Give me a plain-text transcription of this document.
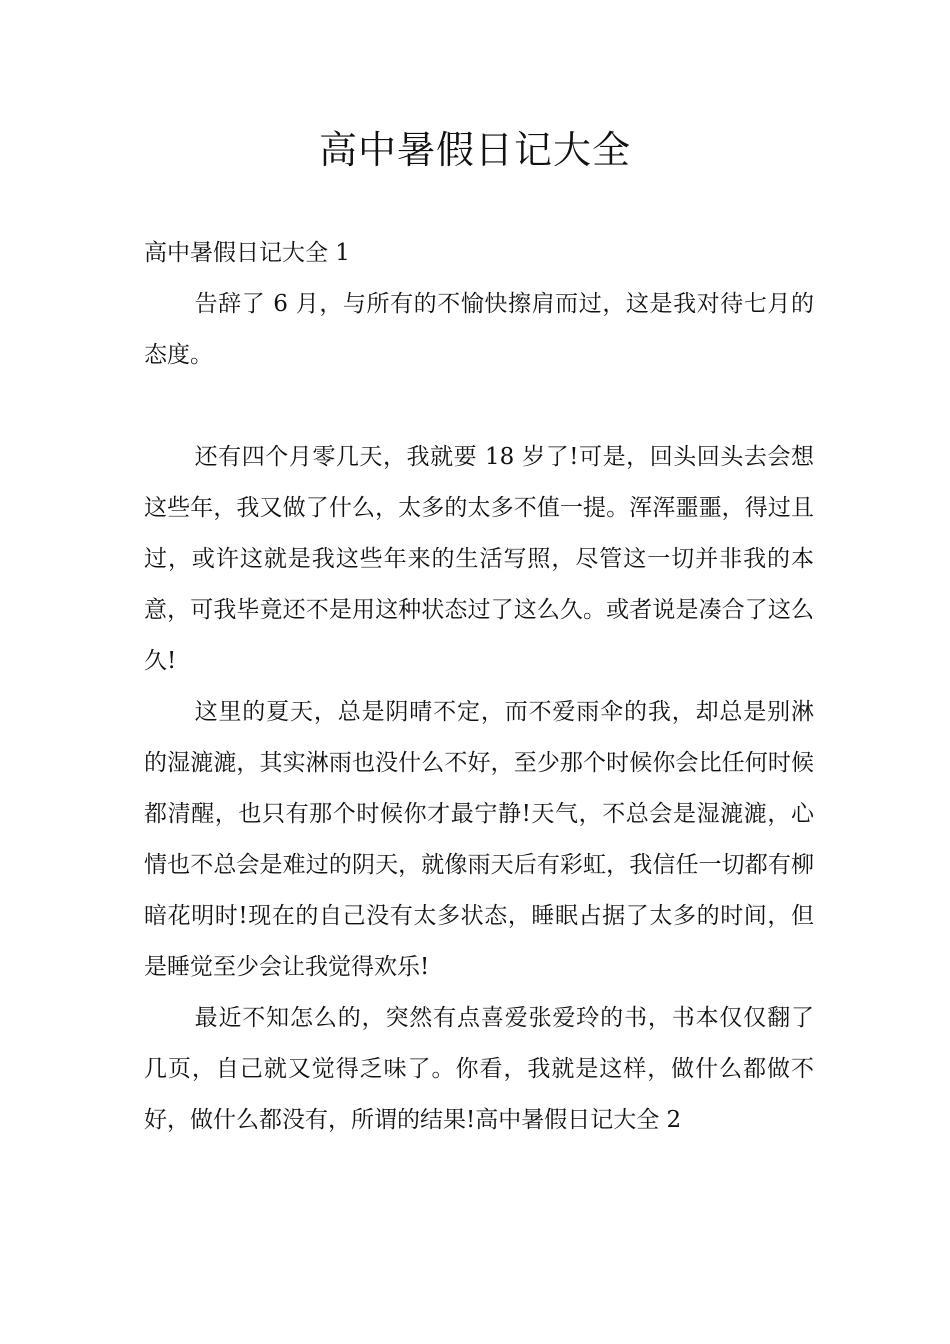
高中暑假日记大全

高中暑假日记大全 1

告辞了 6 月，与所有的不愉快擦肩而过，这是我对待七月的态度。

还有四个月零几天，我就要 18 岁了!可是，回头回头去会想这些年，我又做了什么，太多的太多不值一提。浑浑噩噩，得过且过，或许这就是我这些年来的生活写照，尽管这一切并非我的本意，可我毕竟还不是用这种状态过了这么久。或者说是凑合了这么久!

这里的夏天，总是阴晴不定，而不爱雨伞的我，却总是别淋的湿漉漉，其实淋雨也没什么不好，至少那个时候你会比任何时候都清醒，也只有那个时候你才最宁静!天气，不总会是湿漉漉，心情也不总会是难过的阴天，就像雨天后有彩虹，我信任一切都有柳暗花明时!现在的自己没有太多状态，睡眠占据了太多的时间，但是睡觉至少会让我觉得欢乐!

最近不知怎么的，突然有点喜爱张爱玲的书，书本仅仅翻了几页，自己就又觉得乏味了。你看，我就是这样，做什么都做不好，做什么都没有，所谓的结果!高中暑假日记大全 2
